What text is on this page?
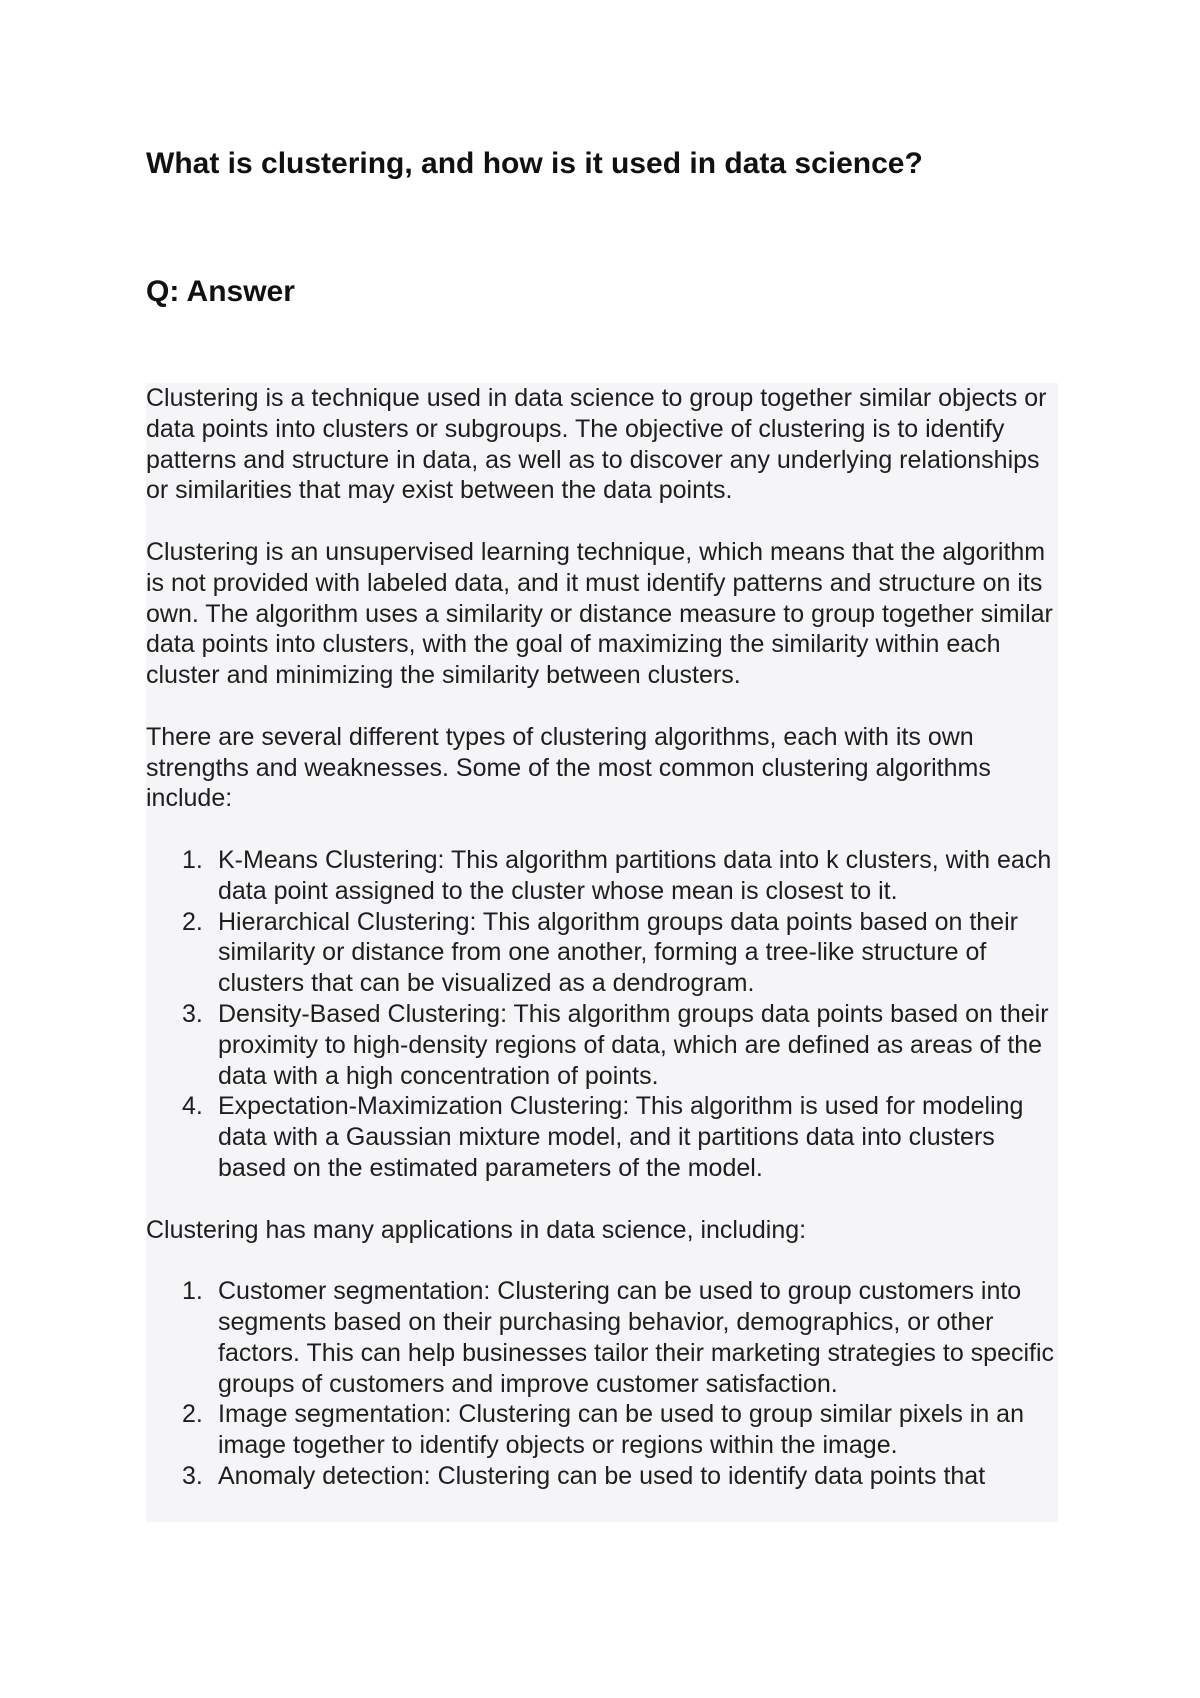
What is clustering, and how is it used in data science?
Q: Answer

Clustering is a technique used in data science to group together similar objects or data points into clusters or subgroups. The objective of clustering is to identify patterns and structure in data, as well as to discover any underlying relationships or similarities that may exist between the data points.

Clustering is an unsupervised learning technique, which means that the algorithm is not provided with labeled data, and it must identify patterns and structure on its own. The algorithm uses a similarity or distance measure to group together similar data points into clusters, with the goal of maximizing the similarity within each cluster and minimizing the similarity between clusters.

There are several different types of clustering algorithms, each with its own strengths and weaknesses. Some of the most common clustering algorithms include:

1. K-Means Clustering: This algorithm partitions data into k clusters, with each data point assigned to the cluster whose mean is closest to it.
2. Hierarchical Clustering: This algorithm groups data points based on their similarity or distance from one another, forming a tree-like structure of clusters that can be visualized as a dendrogram.
3. Density-Based Clustering: This algorithm groups data points based on their proximity to high-density regions of data, which are defined as areas of the data with a high concentration of points.
4. Expectation-Maximization Clustering: This algorithm is used for modeling data with a Gaussian mixture model, and it partitions data into clusters based on the estimated parameters of the model.

Clustering has many applications in data science, including:

1. Customer segmentation: Clustering can be used to group customers into segments based on their purchasing behavior, demographics, or other factors. This can help businesses tailor their marketing strategies to specific groups of customers and improve customer satisfaction.
2. Image segmentation: Clustering can be used to group similar pixels in an image together to identify objects or regions within the image.
3. Anomaly detection: Clustering can be used to identify data points that
